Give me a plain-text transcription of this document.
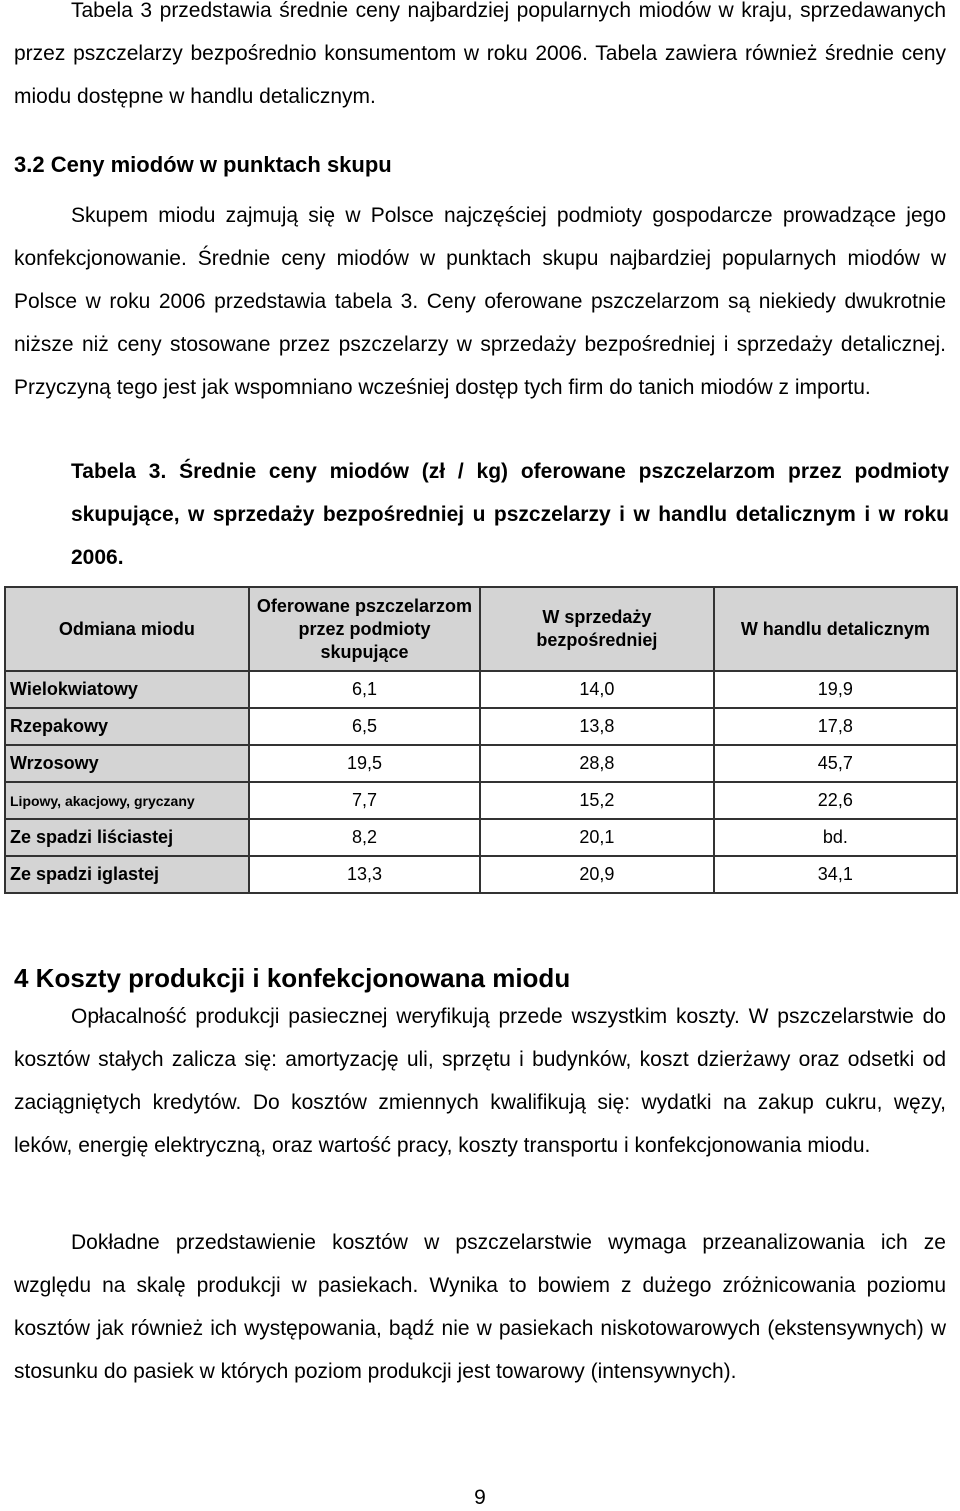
Tabela 3 przedstawia średnie ceny najbardziej popularnych miodów w kraju, sprzedawanych przez pszczelarzy bezpośrednio konsumentom w roku 2006. Tabela zawiera również średnie ceny miodu dostępne w handlu detalicznym.

3.2 Ceny miodów w punktach skupu

Skupem miodu zajmują się w Polsce najczęściej podmioty gospodarcze prowadzące jego konfekcjonowanie. Średnie ceny miodów w punktach skupu najbardziej popularnych miodów w Polsce w roku 2006 przedstawia tabela 3. Ceny oferowane pszczelarzom są niekiedy dwukrotnie niższe niż ceny stosowane przez pszczelarzy w sprzedaży bezpośredniej i sprzedaży detalicznej. Przyczyną tego jest jak wspomniano wcześniej dostęp tych firm do tanich miodów z importu.

Tabela 3. Średnie ceny miodów (zł / kg) oferowane pszczelarzom przez podmioty skupujące, w sprzedaży bezpośredniej u pszczelarzy i w handlu detalicznym i w roku 2006.

Odmiana miodu	Oferowane pszczelarzom przez podmioty skupujące	W sprzedaży bezpośredniej	W handlu detalicznym
Wielokwiatowy	6,1	14,0	19,9
Rzepakowy	6,5	13,8	17,8
Wrzosowy	19,5	28,8	45,7
Lipowy, akacjowy, gryczany	7,7	15,2	22,6
Ze spadzi liściastej	8,2	20,1	bd.
Ze spadzi iglastej	13,3	20,9	34,1
4 Koszty produkcji i konfekcjonowana miodu

Opłacalność produkcji pasiecznej weryfikują przede wszystkim koszty. W pszczelarstwie do kosztów stałych zalicza się: amortyzację uli, sprzętu i budynków, koszt dzierżawy oraz odsetki od zaciągniętych kredytów. Do kosztów zmiennych kwalifikują się: wydatki na zakup cukru, węzy, leków, energię elektryczną, oraz wartość pracy, koszty transportu i konfekcjonowania miodu.

Dokładne przedstawienie kosztów w pszczelarstwie wymaga przeanalizowania ich ze względu na skalę produkcji w pasiekach. Wynika to bowiem z dużego zróżnicowania poziomu kosztów jak również ich występowania, bądź nie w pasiekach niskotowarowych (ekstensywnych) w stosunku do pasiek w których poziom produkcji jest towarowy (intensywnych).

9
